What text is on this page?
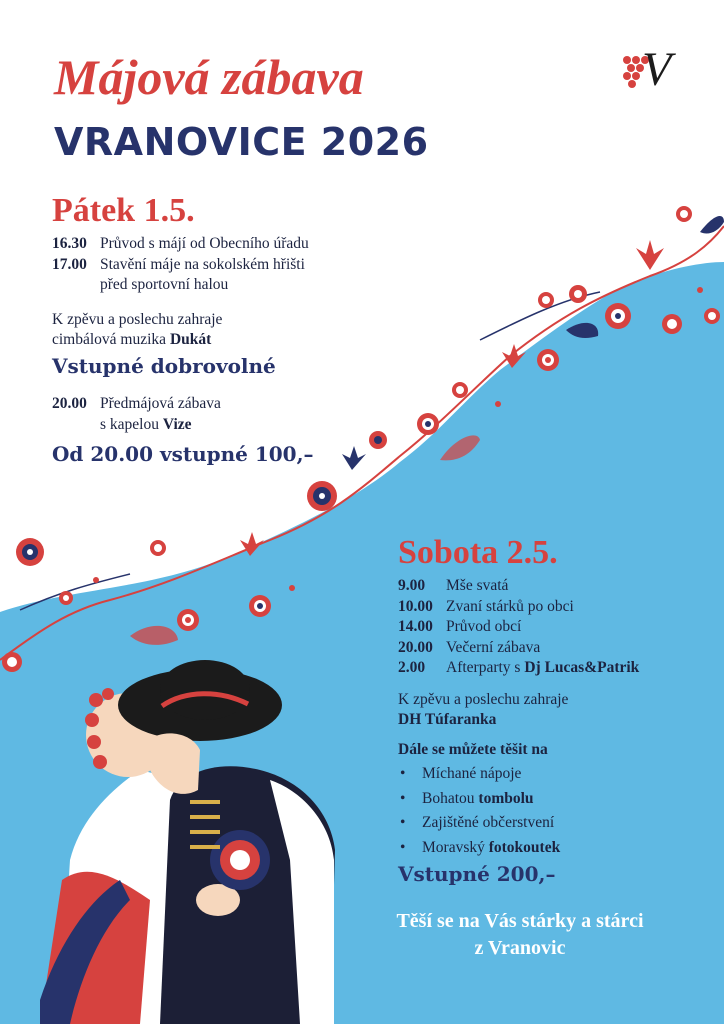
V
Májová zábava
VRANOVICE 2026
Pátek 1.5.
16.30 Průvod s májí od Obecního úřadu
17.00 Stavění máje na sokolském hřišti
před sportovní halou
K zpěvu a poslechu zahraje
cimbálová muzika Dukát
Vstupné dobrovolné
20.00 Předmájová zábava
s kapelou Vize
Od 20.00 vstupné 100,–
Sobota 2.5.
9.00 Mše svatá
10.00 Zvaní stárků po obci
14.00 Průvod obcí
20.00 Večerní zábava
2.00 Afterparty s Dj Lucas&Patrik
K zpěvu a poslechu zahraje
DH Túfaranka
Dále se můžete těšit na
• Míchané nápoje
• Bohatou tombolu
• Zajištěné občerstvení
• Moravský fotokoutek
Vstupné 200,–
Těší se na Vás stárky a stárci
z Vranovic
